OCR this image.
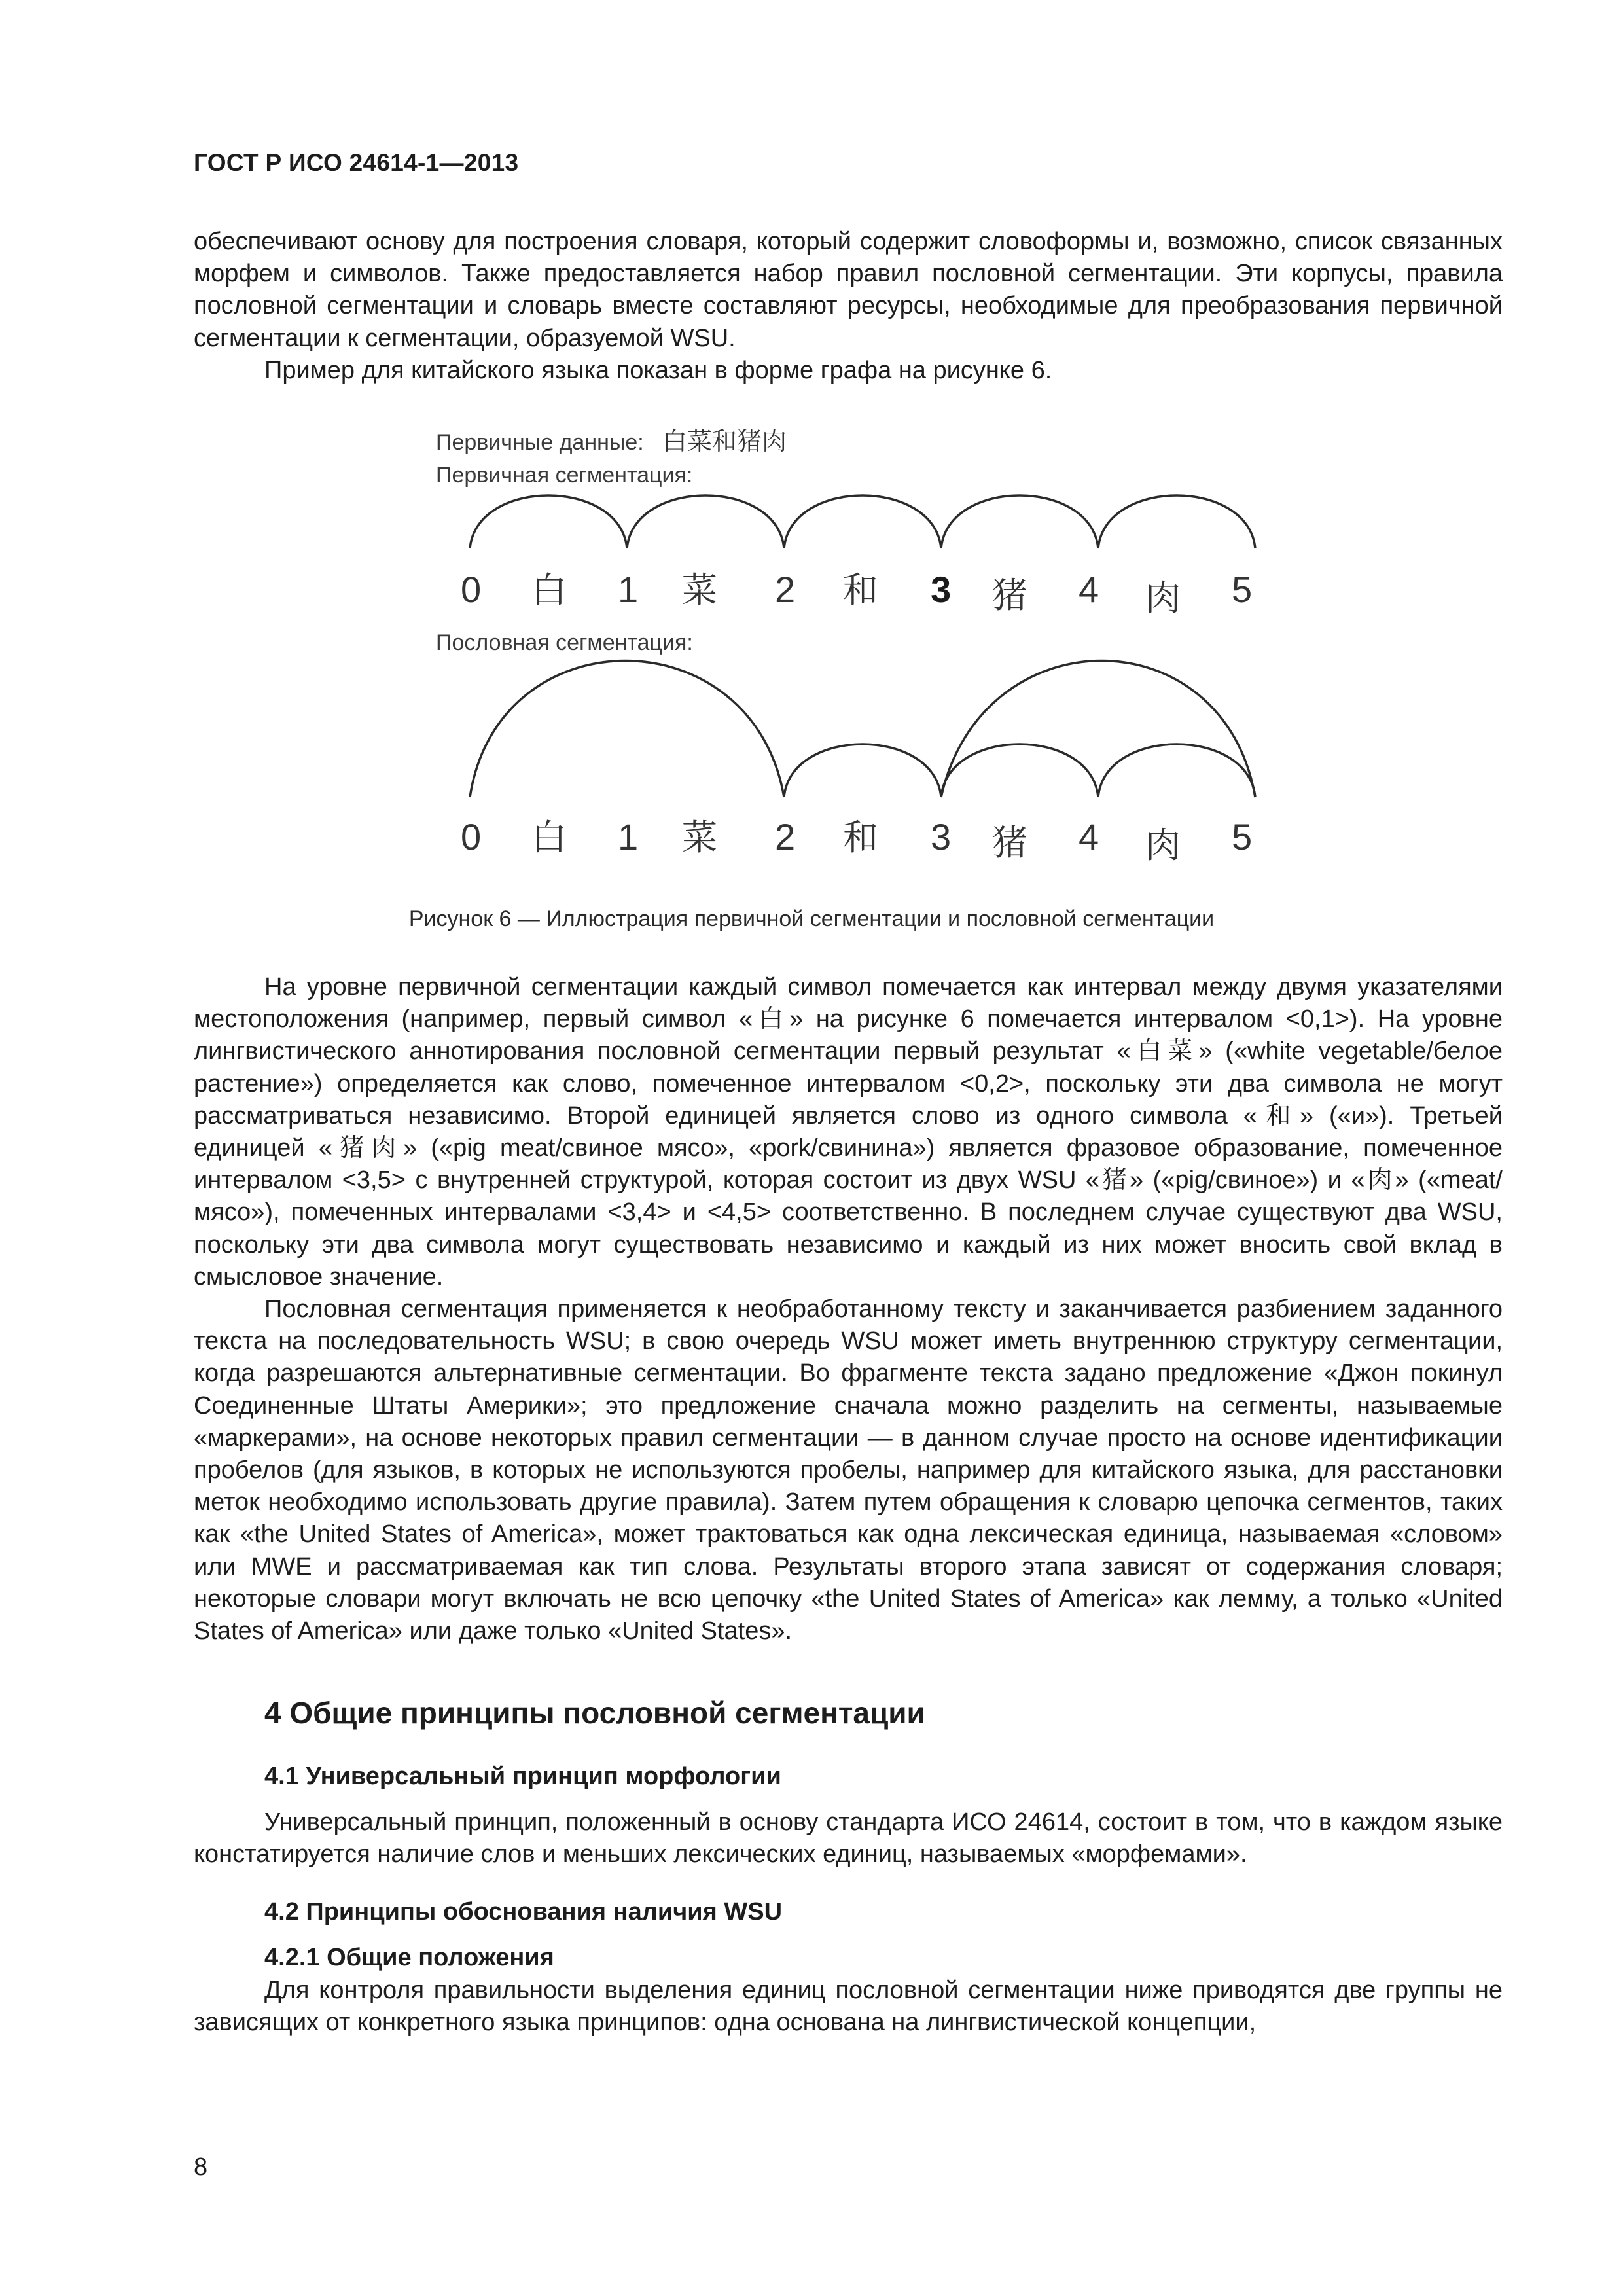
ГОСТ Р ИСО 24614-1—2013

обеспечивают основу для построения словаря, который содержит словоформы и, возможно, список связанных морфем и символов. Также предоставляется набор правил пословной сегментации. Эти корпусы, правила пословной сегментации и словарь вместе составляют ресурсы, необходимые для преобразования первичной сегментации к сегментации, образуемой WSU.

Пример для китайского языка показан в форме графа на рисунке 6.

Первичные данные: 白菜和猪肉
Первичная сегментация:
0 白 1 菜 2 和 3 猪 4 肉 5
Пословная сегментация:
0 白 1 菜 2 和 3 猪 4 肉 5
Рисунок 6 — Иллюстрация первичной сегментации и пословной сегментации

На уровне первичной сегментации каждый символ помечается как интервал между двумя указателями местоположения (например, первый символ «白» на рисунке 6 помечается интервалом <0,1>). На уровне лингвистического аннотирования пословной сегментации первый результат «白菜» («white vegetable/белое растение») определяется как слово, помеченное интервалом <0,2>, поскольку эти два символа не могут рассматриваться независимо. Второй единицей является слово из одного символа «和» («и»). Третьей единицей «猪肉» («pig meat/свиное мясо», «pork/свинина») является фразовое образование, помеченное интервалом <3,5> с внутренней структурой, которая состоит из двух WSU «猪» («pig/свиное») и «肉» («meat/мясо»), помеченных интервалами <3,4> и <4,5> соответственно. В последнем случае существуют два WSU, поскольку эти два символа могут существовать независимо и каждый из них может вносить свой вклад в смысловое значение.

Пословная сегментация применяется к необработанному тексту и заканчивается разбиением заданного текста на последовательность WSU; в свою очередь WSU может иметь внутреннюю структуру сегментации, когда разрешаются альтернативные сегментации. Во фрагменте текста задано предложение «Джон покинул Соединенные Штаты Америки»; это предложение сначала можно разделить на сегменты, называемые «маркерами», на основе некоторых правил сегментации — в данном случае просто на основе идентификации пробелов (для языков, в которых не используются пробелы, например для китайского языка, для расстановки меток необходимо использовать другие правила). Затем путем обращения к словарю цепочка сегментов, таких как «the United States of America», может трактоваться как одна лексическая единица, называемая «словом» или MWE и рассматриваемая как тип слова. Результаты второго этапа зависят от содержания словаря; некоторые словари могут включать не всю цепочку «the United States of America» как лемму, а только «United States of America» или даже только «United States».

4 Общие принципы пословной сегментации
4.1 Универсальный принцип морфологии

Универсальный принцип, положенный в основу стандарта ИСО 24614, состоит в том, что в каждом языке констатируется наличие слов и меньших лексических единиц, называемых «морфемами».

4.2 Принципы обоснования наличия WSU
4.2.1 Общие положения

Для контроля правильности выделения единиц пословной сегментации ниже приводятся две группы не зависящих от конкретного языка принципов: одна основана на лингвистической концепции,

8
